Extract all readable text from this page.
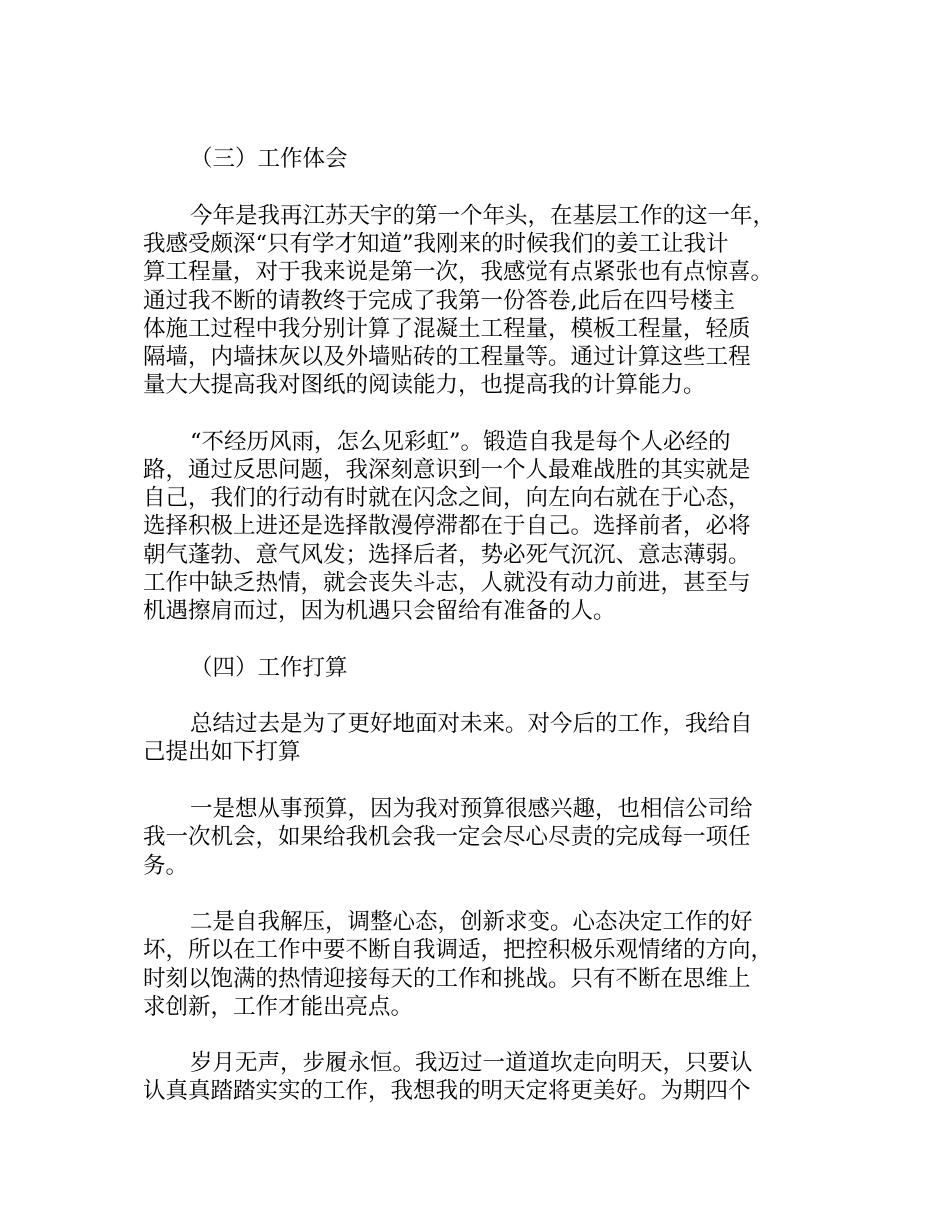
（三）工作体会
今年是我再江苏天宇的第一个年头，在基层工作的这一年，
我感受颇深“只有学才知道”我刚来的时候我们的姜工让我计
算工程量，对于我来说是第一次，我感觉有点紧张也有点惊喜。
通过我不断的请教终于完成了我第一份答卷,此后在四号楼主
体施工过程中我分别计算了混凝土工程量，模板工程量，轻质
隔墙，内墙抹灰以及外墙贴砖的工程量等。通过计算这些工程
量大大提高我对图纸的阅读能力，也提高我的计算能力。
“不经历风雨，怎么见彩虹”。锻造自我是每个人必经的
路，通过反思问题，我深刻意识到一个人最难战胜的其实就是
自己，我们的行动有时就在闪念之间，向左向右就在于心态，
选择积极上进还是选择散漫停滞都在于自己。选择前者，必将
朝气蓬勃、意气风发；选择后者，势必死气沉沉、意志薄弱。
工作中缺乏热情，就会丧失斗志，人就没有动力前进，甚至与
机遇擦肩而过，因为机遇只会留给有准备的人。
（四）工作打算
总结过去是为了更好地面对未来。对今后的工作，我给自
己提出如下打算
一是想从事预算，因为我对预算很感兴趣，也相信公司给
我一次机会，如果给我机会我一定会尽心尽责的完成每一项任
务。
二是自我解压，调整心态，创新求变。心态决定工作的好
坏，所以在工作中要不断自我调适，把控积极乐观情绪的方向，
时刻以饱满的热情迎接每天的工作和挑战。只有不断在思维上
求创新，工作才能出亮点。
岁月无声，步履永恒。我迈过一道道坎走向明天，只要认
认真真踏踏实实的工作，我想我的明天定将更美好。为期四个
